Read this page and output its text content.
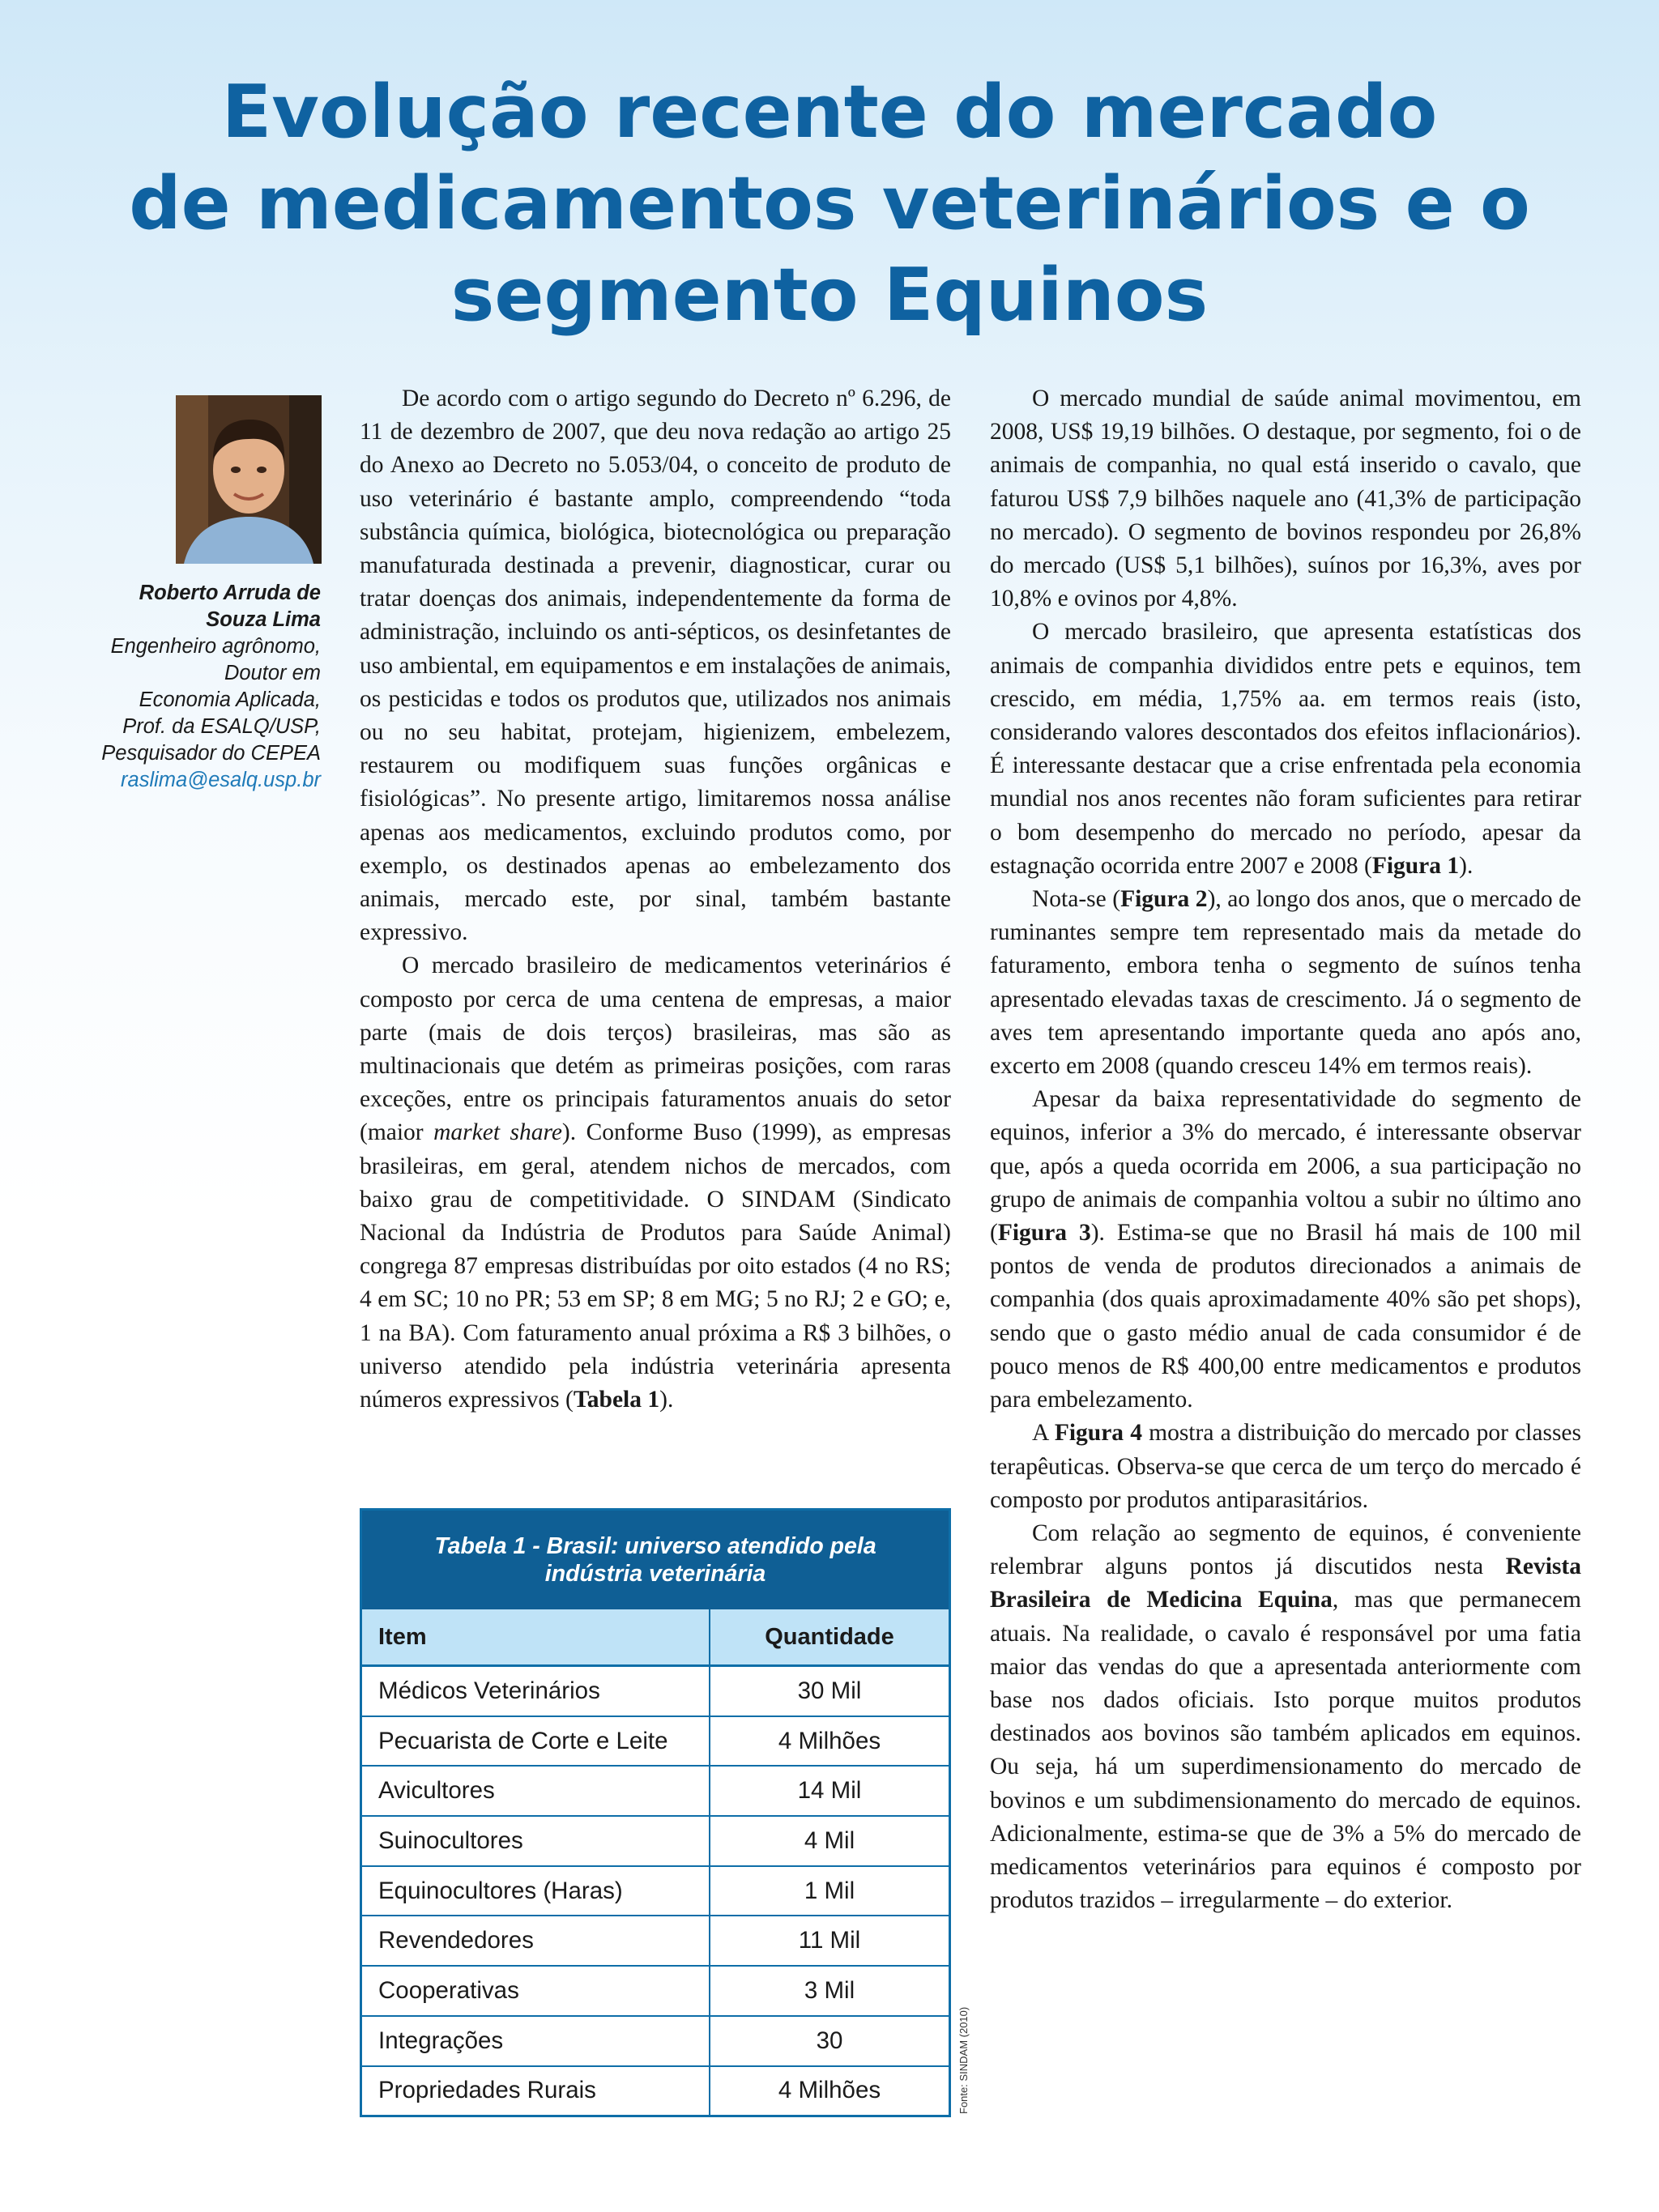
Evolução recente do mercado
de medicamentos veterinários e o
segmento Equinos
Roberto Arruda de
Souza Lima
Engenheiro agrônomo,
Doutor em
Economia Aplicada,
Prof. da ESALQ/USP,
Pesquisador do CEPEA
raslima@esalq.usp.br

De acordo com o artigo segundo do Decreto nº 6.296, de 11 de dezembro de 2007, que deu nova redação ao artigo 25 do Anexo ao Decreto no 5.053/04, o conceito de produto de uso veterinário é bastante amplo, compreendendo “toda substância química, biológica, biotecnológica ou preparação manufaturada destinada a prevenir, diagnosticar, curar ou tratar doenças dos animais, independentemente da forma de administração, incluindo os anti-sépticos, os desinfetantes de uso ambiental, em equipamentos e em instalações de animais, os pesticidas e todos os produtos que, utilizados nos animais ou no seu habitat, protejam, higienizem, embelezem, restaurem ou modifiquem suas funções orgânicas e fisiológicas”. No presente artigo, limitaremos nossa análise apenas aos medicamentos, excluindo produtos como, por exemplo, os destinados apenas ao embelezamento dos animais, mercado este, por sinal, também bastante expressivo.

O mercado brasileiro de medicamentos veterinários é composto por cerca de uma centena de empresas, a maior parte (mais de dois terços) brasileiras, mas são as multinacionais que detém as primeiras posições, com raras exceções, entre os principais faturamentos anuais do setor (maior market share). Conforme Buso (1999), as empresas brasileiras, em geral, atendem nichos de mercados, com baixo grau de competitividade. O SINDAM (Sindicato Nacional da Indústria de Produtos para Saúde Animal) congrega 87 empresas distribuídas por oito estados (4 no RS; 4 em SC; 10 no PR; 53 em SP; 8 em MG; 5 no RJ; 2 e GO; e, 1 na BA). Com faturamento anual próxima a R$ 3 bilhões, o universo atendido pela indústria veterinária apresenta números expressivos (Tabela 1).

Tabela 1 - Brasil: universo atendido pela indústria veterinária
Item	Quantidade
Médicos Veterinários	30 Mil
Pecuarista de Corte e Leite	4 Milhões
Avicultores	14 Mil
Suinocultores	4 Mil
Equinocultores (Haras)	1 Mil
Revendedores	11 Mil
Cooperativas	3 Mil
Integrações	30
Propriedades Rurais	4 Milhões	Fonte: SINDAM (2010)

O mercado mundial de saúde animal movimentou, em 2008, US$ 19,19 bilhões. O destaque, por segmento, foi o de animais de companhia, no qual está inserido o cavalo, que faturou US$ 7,9 bilhões naquele ano (41,3% de participação no mercado). O segmento de bovinos respondeu por 26,8% do mercado (US$ 5,1 bilhões), suínos por 16,3%, aves por 10,8% e ovinos por 4,8%.

O mercado brasileiro, que apresenta estatísticas dos animais de companhia divididos entre pets e equinos, tem crescido, em média, 1,75% aa. em termos reais (isto, considerando valores descontados dos efeitos inflacionários). É interessante destacar que a crise enfrentada pela economia mundial nos anos recentes não foram suficientes para retirar o bom desempenho do mercado no período, apesar da estagnação ocorrida entre 2007 e 2008 (Figura 1).

Nota-se (Figura 2), ao longo dos anos, que o mercado de ruminantes sempre tem representado mais da metade do faturamento, embora tenha o segmento de suínos tenha apresentado elevadas taxas de crescimento. Já o segmento de aves tem apresentando importante queda ano após ano, excerto em 2008 (quando cresceu 14% em termos reais).

Apesar da baixa representatividade do segmento de equinos, inferior a 3% do mercado, é interessante observar que, após a queda ocorrida em 2006, a sua participação no grupo de animais de companhia voltou a subir no último ano (Figura 3). Estima-se que no Brasil há mais de 100 mil pontos de venda de produtos direcionados a animais de companhia (dos quais aproximadamente 40% são pet shops), sendo que o gasto médio anual de cada consumidor é de pouco menos de R$ 400,00 entre medicamentos e produtos para embelezamento.

A Figura 4 mostra a distribuição do mercado por classes terapêuticas. Observa-se que cerca de um terço do mercado é composto por produtos antiparasitários.

Com relação ao segmento de equinos, é conveniente relembrar alguns pontos já discutidos nesta Revista Brasileira de Medicina Equina, mas que permanecem atuais. Na realidade, o cavalo é responsável por uma fatia maior das vendas do que a apresentada anteriormente com base nos dados oficiais. Isto porque muitos produtos destinados aos bovinos são também aplicados em equinos. Ou seja, há um superdimensionamento do mercado de bovinos e um subdimensionamento do mercado de equinos. Adicionalmente, estima-se que de 3% a 5% do mercado de medicamentos veterinários para equinos é composto por produtos trazidos – irregularmente – do exterior.
